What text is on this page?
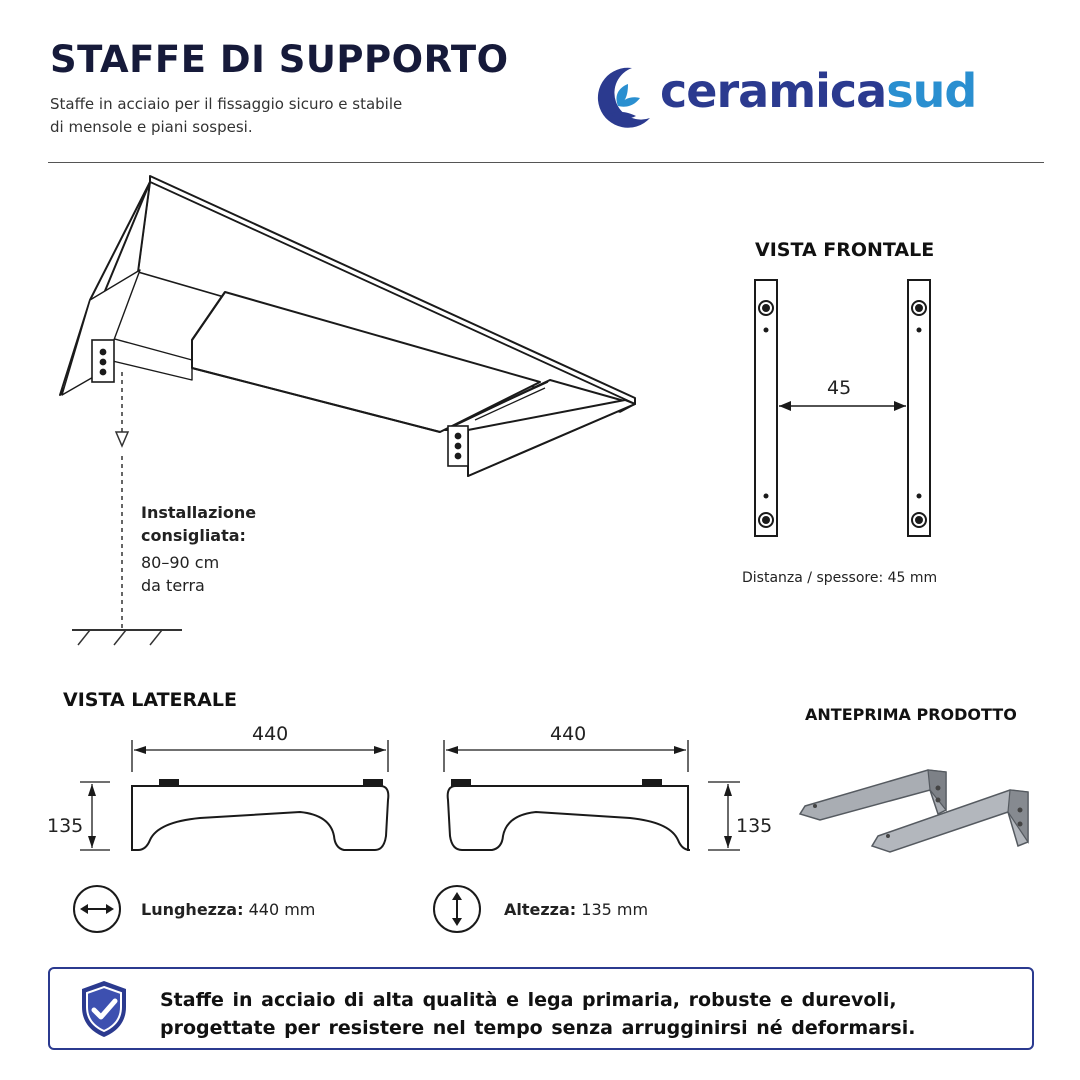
STAFFE DI SUPPORTO
Staffe in acciaio per il fissaggio sicuro e stabile
di mensole e piani sospesi.
ceramicasud
Installazione
consigliata:
80–90 cm
da terra
VISTA FRONTALE
45
Distanza / spessore: 45 mm
VISTA LATERALE
440
135
440
135
ANTEPRIMA PRODOTTO
Lunghezza: 440 mm	Altezza: 135 mm
Staffe in acciaio di alta qualità e lega primaria, robuste e durevoli,
progettate per resistere nel tempo senza arrugginirsi né deformarsi.
